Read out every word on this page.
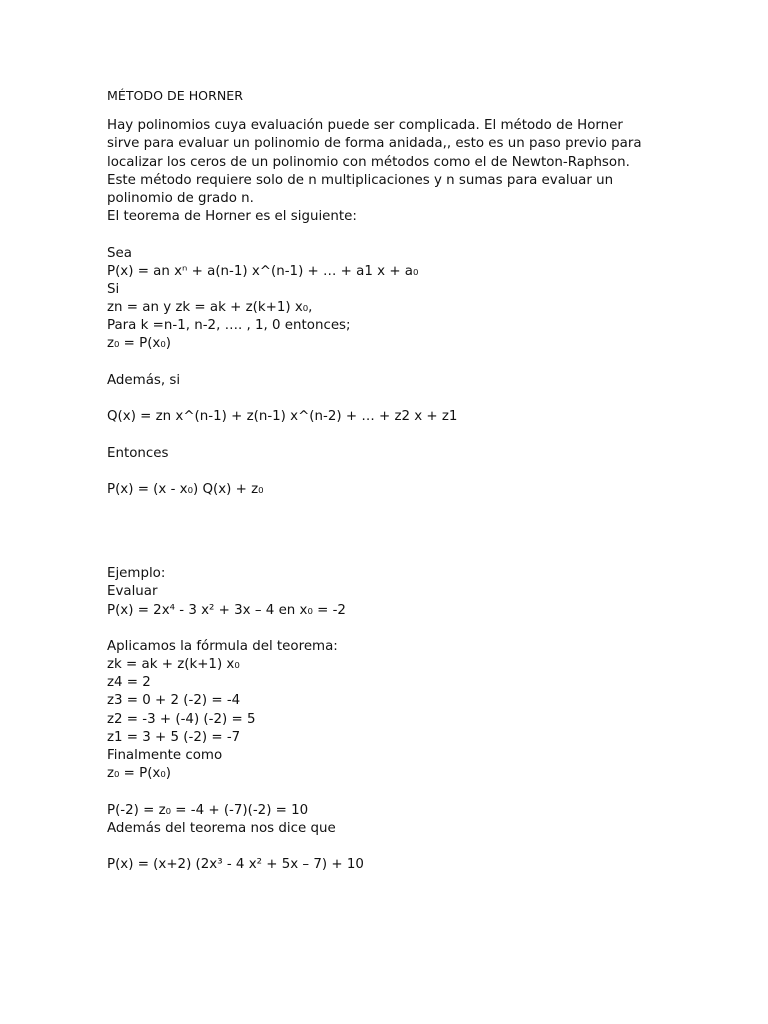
MÉTODO DE HORNER
Hay polinomios cuya evaluación puede ser complicada. El método de Horner
sirve para evaluar un polinomio de forma anidada,, esto es un paso previo para
localizar los ceros de un polinomio con métodos como el de Newton-Raphson.
Este método requiere solo de n multiplicaciones y n sumas para evaluar un
polinomio de grado n.
El teorema de Horner es el siguiente:
Sea
P(x) = an xⁿ + a(n-1) x^(n-1) + … + a1 x + a₀
Si
zn = an y zk = ak + z(k+1) x₀,
Para k =n-1, n-2, …. , 1, 0 entonces;
z₀ = P(x₀)
Además, si
Q(x) = zn x^(n-1) + z(n-1) x^(n-2) + … + z2 x + z1
Entonces
P(x) = (x - x₀) Q(x) + z₀
Ejemplo:
Evaluar
P(x) = 2x⁴ - 3 x² + 3x – 4 en x₀ = -2
Aplicamos la fórmula del teorema:
zk = ak + z(k+1) x₀
z4 = 2
z3 = 0 + 2 (-2) = -4
z2 = -3 + (-4) (-2) = 5
z1 = 3 + 5 (-2) = -7
Finalmente como
z₀ = P(x₀)
P(-2) = z₀ = -4 + (-7)(-2) = 10
Además del teorema nos dice que
P(x) = (x+2) (2x³ - 4 x² + 5x – 7) + 10
